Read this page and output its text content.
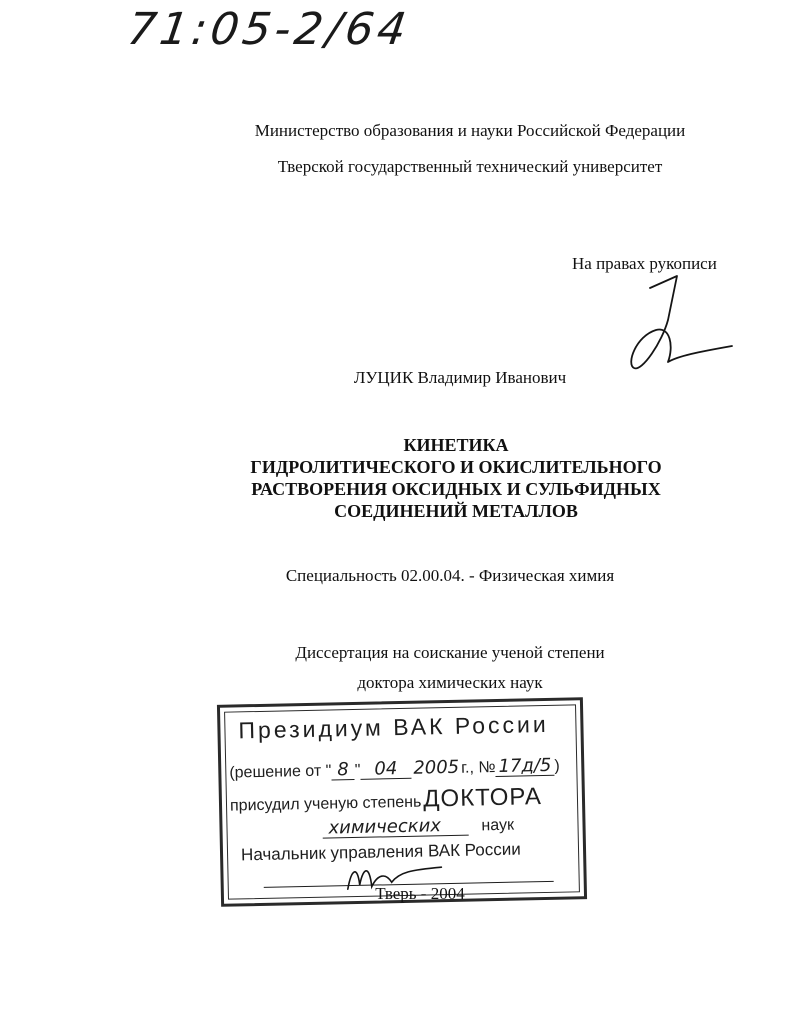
71:05-2/64
Министерство образования и науки Российской Федерации
Тверской государственный технический университет
На правах рукописи
ЛУЦИК Владимир Иванович
КИНЕТИКА
ГИДРОЛИТИЧЕСКОГО И ОКИСЛИТЕЛЬНОГО
РАСТВОРЕНИЯ ОКСИДНЫХ И СУЛЬФИДНЫХ
СОЕДИНЕНИЙ МЕТАЛЛОВ
Специальность 02.00.04. - Физическая химия
Диссертация на соискание ученой степени
доктора химических наук
Президиум ВАК России
(решение от " 8 " 04 2005 г., № 17д/5 )
присудил ученую степеньДОКТОРА
химических	наук
Начальник управления ВАК России
Тверь - 2004
